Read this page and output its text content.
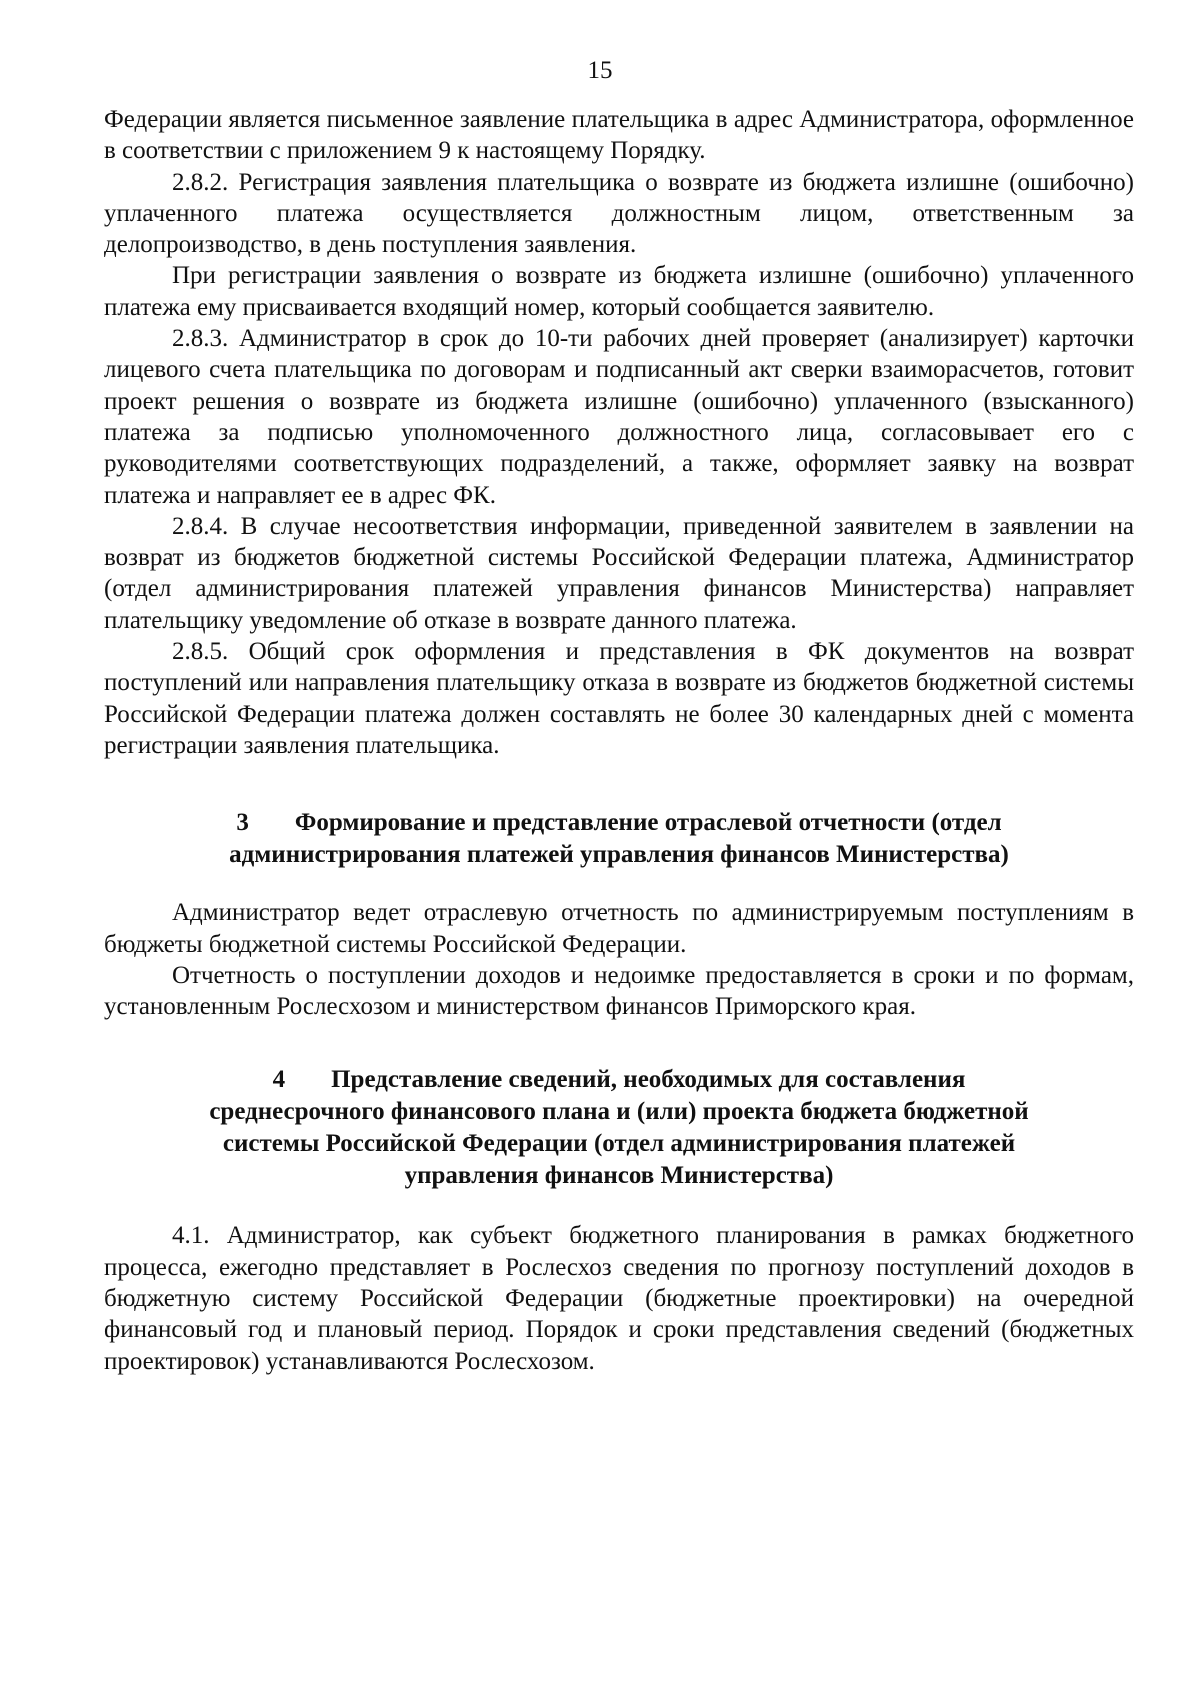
15

Федерации является письменное заявление плательщика в адрес Администратора, оформленное в соответствии с приложением 9 к настоящему Порядку.

2.8.2. Регистрация заявления плательщика о возврате из бюджета излишне (ошибочно) уплаченного платежа осуществляется должностным лицом, ответственным за делопроизводство, в день поступления заявления.

При регистрации заявления о возврате из бюджета излишне (ошибочно) уплаченного платежа ему присваивается входящий номер, который сообщается заявителю.

2.8.3. Администратор в срок до 10-ти рабочих дней проверяет (анализирует) карточки лицевого счета плательщика по договорам и подписанный акт сверки взаиморасчетов, готовит проект решения о возврате из бюджета излишне (ошибочно) уплаченного (взысканного) платежа за подписью уполномоченного должностного лица, согласовывает его с руководителями соответствующих подразделений, а также, оформляет заявку на возврат платежа и направляет ее в адрес ФК.

2.8.4. В случае несоответствия информации, приведенной заявителем в заявлении на возврат из бюджетов бюджетной системы Российской Федерации платежа, Администратор (отдел администрирования платежей управления финансов Министерства) направляет плательщику уведомление об отказе в возврате данного платежа.

2.8.5. Общий срок оформления и представления в ФК документов на возврат поступлений или направления плательщику отказа в возврате из бюджетов бюджетной системы Российской Федерации платежа должен составлять не более 30 календарных дней с момента регистрации заявления плательщика.

3 Формирование и представление отраслевой отчетности (отдел
администрирования платежей управления финансов Министерства)

Администратор ведет отраслевую отчетность по администрируемым поступлениям в бюджеты бюджетной системы Российской Федерации.

Отчетность о поступлении доходов и недоимке предоставляется в сроки и по формам, установленным Рослесхозом и министерством финансов Приморского края.

4 Представление сведений, необходимых для составления
среднесрочного финансового плана и (или) проекта бюджета бюджетной
системы Российской Федерации (отдел администрирования платежей
управления финансов Министерства)

4.1. Администратор, как субъект бюджетного планирования в рамках бюджетного процесса, ежегодно представляет в Рослесхоз сведения по прогнозу поступлений доходов в бюджетную систему Российской Федерации (бюджетные проектировки) на очередной финансовый год и плановый период. Порядок и сроки представления сведений (бюджетных проектировок) устанавливаются Рослесхозом.
